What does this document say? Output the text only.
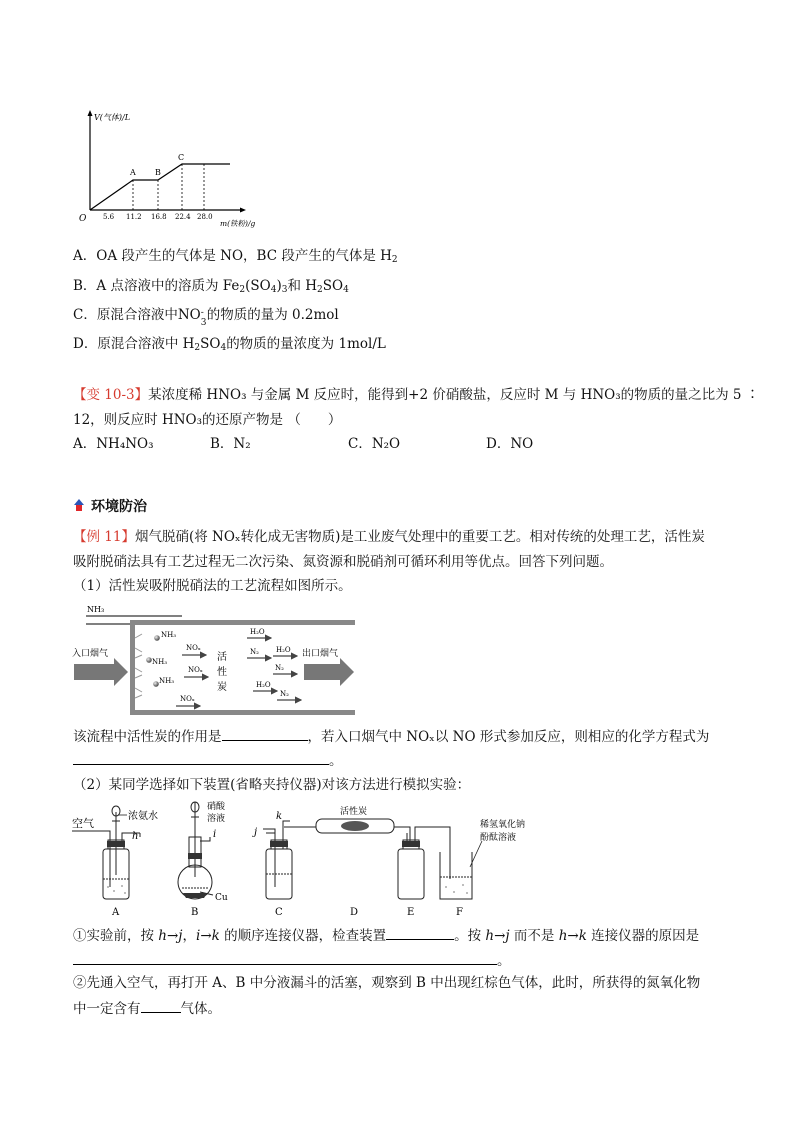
V(气体)/L
O
A B
C
5.6 11.2 16.8 22.4 28.0
m(铁粉)/g
A．OA 段产生的气体是 NO，BC 段产生的气体是 $H_2$
B．A 点溶液中的溶质为 $Fe_2(SO_4)_3$和 $H_2SO_4$
C．原混合溶液中NO -
3 的物质的量为 0.2mol
D．原混合溶液中 $H_2SO_4$的物质的量浓度为 1mol/L
【变 10-3】某浓度稀 HNO₃ 与金属 M 反应时，能得到+2 价硝酸盐，反应时 M 与 HNO₃的物质的量之比为 5 ∶
12，则反应时 HNO₃的还原产物是 （　　）
A．NH₄NO₃	B．N₂	C．N₂O	D．NO
环境防治
【例 11】烟气脱硝(将 NOₓ转化成无害物质)是工业废气处理中的重要工艺。相对传统的处理工艺，活性炭
吸附脱硝法具有工艺过程无二次污染、氮资源和脱硝剂可循环利用等优点。回答下列问题。
（1）活性炭吸附脱硝法的工艺流程如图所示。
NH₃
入口烟气	出口烟气
活
性
炭
NH₃
NH₃
NH₃
NOₓ
NOₓ
NOₓ
H₂O
N₂ H₂O
N₂
H₂O
N₂
该流程中活性炭的作用是	，若入口烟气中 NOₓ以 NO 形式参加反应，则相应的化学方程式为
。
（2）某同学选择如下装置(省略夹持仪器)对该方法进行模拟实验：
空气
浓氨水
h
硝酸
溶液
i
Cu
j
k	活性炭
稀氢氧化钠
酚酞溶液
A	B	C	D	E	F
①实验前，按 h→j，i→k 的顺序连接仪器，检查装置	。按 h→j 而不是 h→k 连接仪器的原因是
。
②先通入空气，再打开 A、B 中分液漏斗的活塞，观察到 B 中出现红棕色气体，此时，所获得的氮氧化物
中一定含有	气体。
